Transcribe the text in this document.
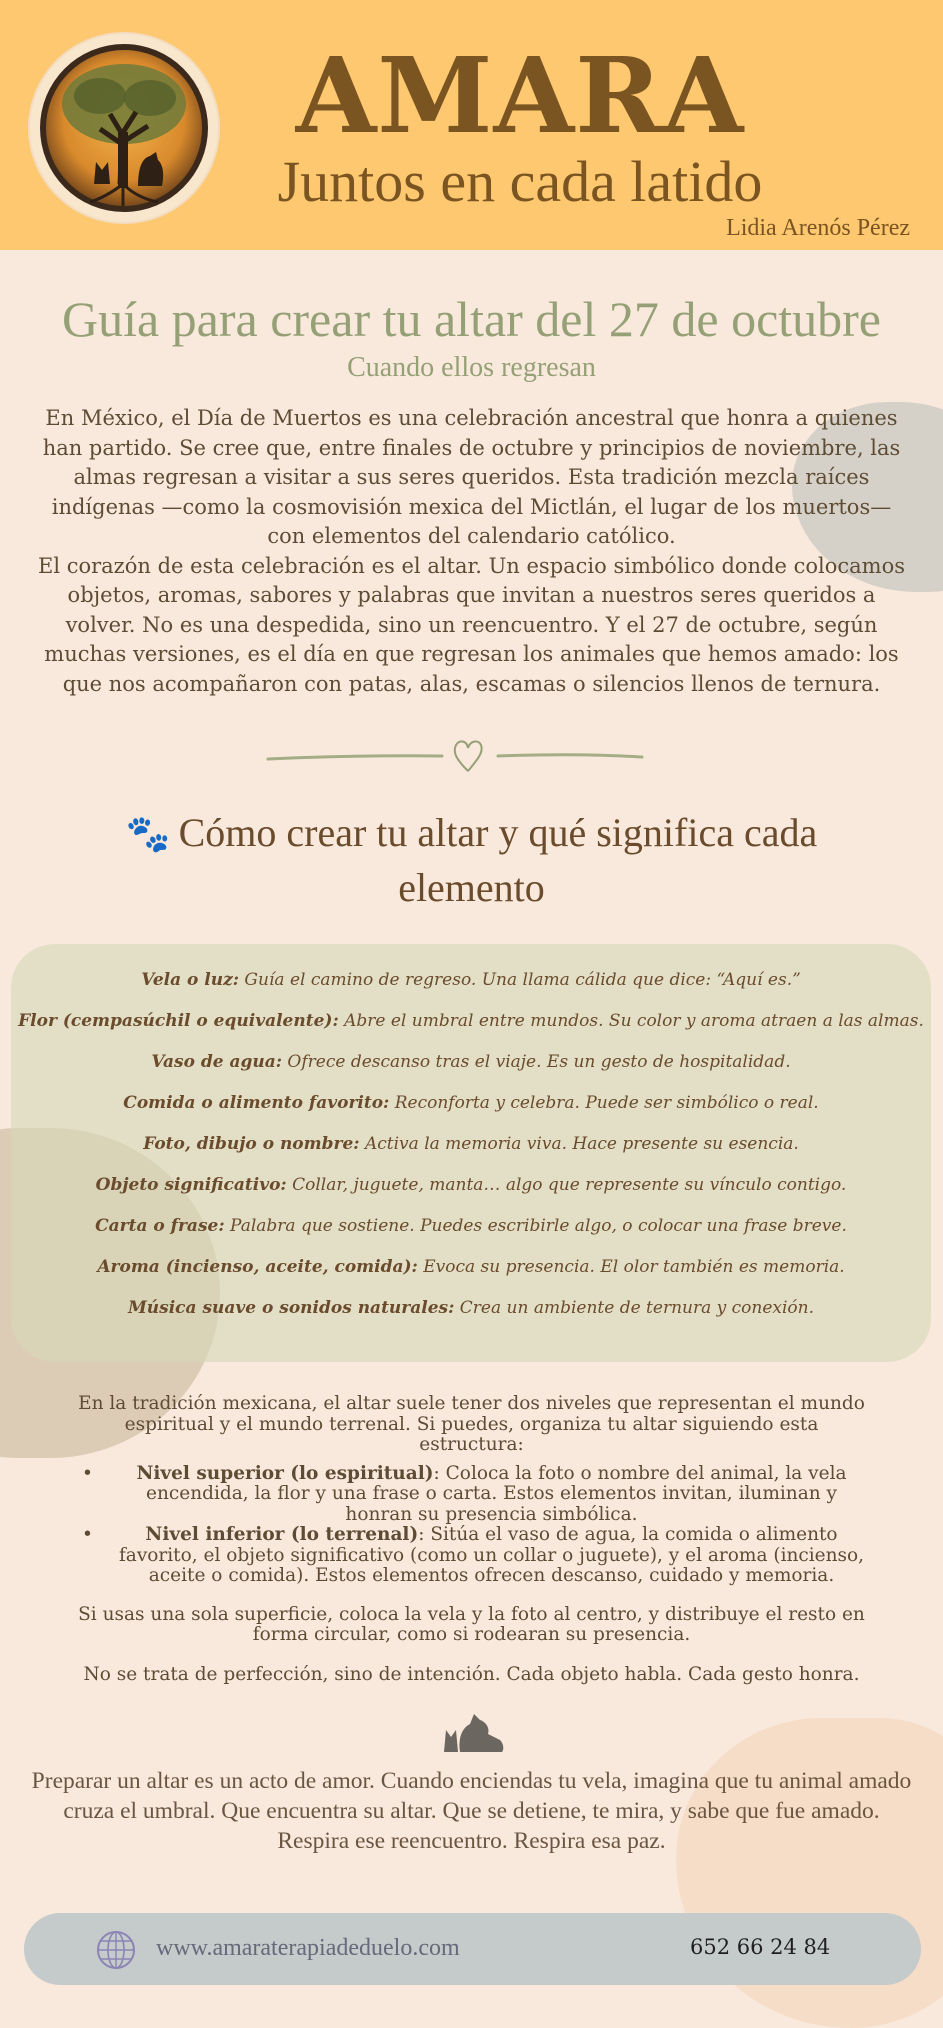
AMARA
Juntos en cada latido
Lidia Arenós Pérez
Guía para crear tu altar del 27 de octubre
Cuando ellos regresan

En México, el Día de Muertos es una celebración ancestral que honra a quienes han partido. Se cree que, entre finales de octubre y principios de noviembre, las almas regresan a visitar a sus seres queridos. Esta tradición mezcla raíces indígenas —como la cosmovisión mexica del Mictlán, el lugar de los muertos— con elementos del calendario católico.

El corazón de esta celebración es el altar. Un espacio simbólico donde colocamos objetos, aromas, sabores y palabras que invitan a nuestros seres queridos a volver. No es una despedida, sino un reencuentro. Y el 27 de octubre, según muchas versiones, es el día en que regresan los animales que hemos amado: los que nos acompañaron con patas, alas, escamas o silencios llenos de ternura.

🐾 Cómo crear tu altar y qué significa cada elemento
Vela o luz: Guía el camino de regreso. Una llama cálida que dice: “Aquí es.”
Flor (cempasúchil o equivalente): Abre el umbral entre mundos. Su color y aroma atraen a las almas.
Vaso de agua: Ofrece descanso tras el viaje. Es un gesto de hospitalidad.
Comida o alimento favorito: Reconforta y celebra. Puede ser simbólico o real.
Foto, dibujo o nombre: Activa la memoria viva. Hace presente su esencia.
Objeto significativo: Collar, juguete, manta… algo que represente su vínculo contigo.
Carta o frase: Palabra que sostiene. Puedes escribirle algo, o colocar una frase breve.
Aroma (incienso, aceite, comida): Evoca su presencia. El olor también es memoria.
Música suave o sonidos naturales: Crea un ambiente de ternura y conexión.

En la tradición mexicana, el altar suele tener dos niveles que representan el mundo espiritual y el mundo terrenal. Si puedes, organiza tu altar siguiendo esta estructura:

• Nivel superior (lo espiritual): Coloca la foto o nombre del animal, la vela encendida, la flor y una frase o carta. Estos elementos invitan, iluminan y honran su presencia simbólica.
• Nivel inferior (lo terrenal): Sitúa el vaso de agua, la comida o alimento favorito, el objeto significativo (como un collar o juguete), y el aroma (incienso, aceite o comida). Estos elementos ofrecen descanso, cuidado y memoria.

Si usas una sola superficie, coloca la vela y la foto al centro, y distribuye el resto en forma circular, como si rodearan su presencia.

No se trata de perfección, sino de intención. Cada objeto habla. Cada gesto honra.

Preparar un altar es un acto de amor. Cuando enciendas tu vela, imagina que tu animal amado cruza el umbral. Que encuentra su altar. Que se detiene, te mira, y sabe que fue amado.

Respira ese reencuentro. Respira esa paz.

www.amaraterapiadeduelo.com	652 66 24 84
